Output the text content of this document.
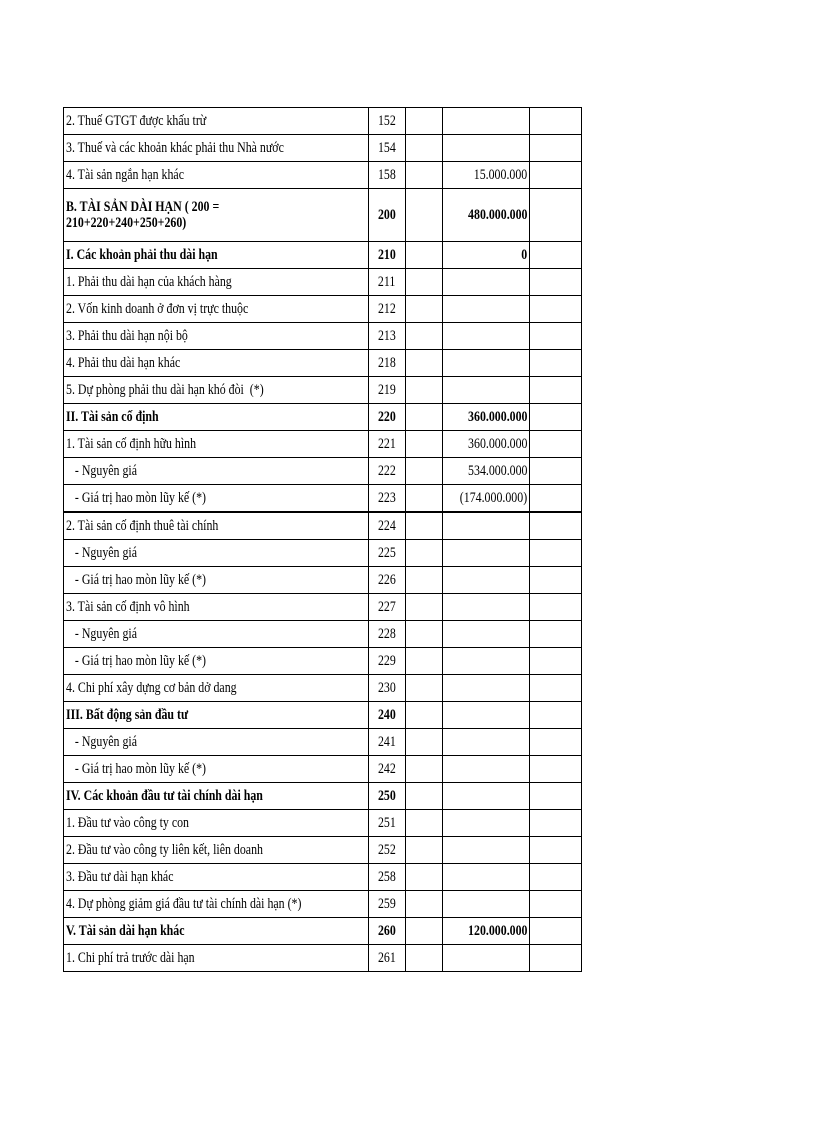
2. Thuế GTGT được khấu trừ	152			
3. Thuế và các khoản khác phải thu Nhà nước	154			
4. Tài sản ngắn hạn khác	158		15.000.000	
B. TÀI SẢN DÀI HẠN ( 200 = 210+220+240+250+260)	200		480.000.000	
I. Các khoản phải thu dài hạn	210		0	
1. Phải thu dài hạn của khách hàng	211			
2. Vốn kinh doanh ở đơn vị trực thuộc	212			
3. Phải thu dài hạn nội bộ	213			
4. Phải thu dài hạn khác	218			
5. Dự phòng phải thu dài hạn khó đòi  (*)	219			
II. Tài sản cố định	220		360.000.000	
1. Tài sản cố định hữu hình	221		360.000.000	
- Nguyên giá	222		534.000.000	
- Giá trị hao mòn lũy kế (*)	223		(174.000.000)	
2. Tài sản cố định thuê tài chính	224			
- Nguyên giá	225			
- Giá trị hao mòn lũy kế (*)	226			
3. Tài sản cố định vô hình	227			
- Nguyên giá	228			
- Giá trị hao mòn lũy kế (*)	229			
4. Chi phí xây dựng cơ bản dở dang	230			
III. Bất động sản đầu tư	240			
- Nguyên giá	241			
- Giá trị hao mòn lũy kế (*)	242			
IV. Các khoản đầu tư tài chính dài hạn	250			
1. Đầu tư vào công ty con	251			
2. Đầu tư vào công ty liên kết, liên doanh	252			
3. Đầu tư dài hạn khác	258			
4. Dự phòng giảm giá đầu tư tài chính dài hạn (*)	259			
V. Tài sản dài hạn khác	260		120.000.000	
1. Chi phí trả trước dài hạn	261			
